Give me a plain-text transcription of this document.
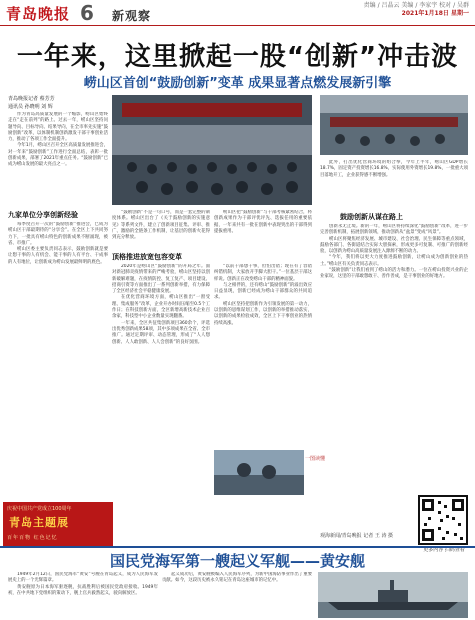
青岛晚报 6 新观察
责编 / 吕晶云 美编 / 李家宇 校对 / 吴群
2021年1月18日 星期一
一年来，这里掀起一股“创新”冲击波
崂山区首创“鼓励创新”变革 成果显著点燃发展新引擎
青岛晚报记者 蔡芳芳
通讯员 孙晓明 刘 辉

作为青岛高质量发展的一个缩影，崂山区始终走在“走在前列”的路上。过去一年，崂山区坚持问题导向、目标导向、结果导向，在全市率先实施“鼓励创新”改革，以体制机制创新激发干部干事创业活力，推动了各项工作全面提升。

今年1月，崂山区召开全区高质量发展推进会，对一年来“鼓励创新”工作进行全面总结，表彰一批创新成果，部署了2021年重点任务。“鼓励创新”已成为崂山发展的最大亮点之一。

九家单位分享创新经验

每季度召开一次的“鼓励创新”推进会，已成为崂山区干部最期待的“分享会”。在全区上下共同努力下，一批具有崂山特色的创新成果不断涌现，被省、市推广。

崂山区委主要负责同志表示，鼓励创新就是要让想干事的人有机会、能干事的人有平台、干成事的人有地位，让创新成为崂山发展最鲜明的底色。

“鼓励创新”不是一句口号，而是一套完整的制度体系。崂山区出台了《关于鼓励创新的实施意见》等系列文件，建立了创新项目征集、评审、推广、激励的全链条工作机制，让基层的创新火花得到充分释放。

崂山区把“鼓励创新”与干部考核紧密结合，将创新成果作为干部评优评先、选拔任用的重要依据，一年来共有一批在创新中表现突出的干部得到提拔重用。

顶格推进放宽包容变革

2020年是崂山区“鼓励创新”的开局之年。面对新冠肺炎疫情带来的严峻考验，崂山区坚持以创新破解难题，在疫情防控、复工复产、项目建设、招商引资等方面推出了一系列创新举措，有力保障了全区经济社会平稳健康发展。

在优化营商环境方面，崂山区推出“一窗受理、集成服务”改革，企业开办时间压缩至0.5个工作日；在科技创新方面，全区新增高新技术企业百余家，科技型中小企业数量实现翻番。

一年来，全区共征集创新项目360余个，评选出优秀创新成果58项，其中多项成果在全省、全市推广。通过定期评审、动态管理，形成了“人人想创新、人人敢创新、人人会创新”的良好氛围。

“以前干部想干事，但怕出错；现在有了容错纠错机制，大家放开手脚大胆干。”一位基层干部这样说。创新正在改变崂山干部的精神面貌。

与之相伴的，还有崂山“鼓励创新”的溢出效应日益显现，创新已经成为崂山干部群众的共同追求。

崂山区坚持把创新作为引领发展的第一动力，以创新的思维谋划工作，以创新的举措推动落实，以创新的成果检验成效，全区上下干事创业的热情持续高涨。

一图读懂

此外，打出优化营商环境的组合拳，今年上半年，崂山区GDP增长18.7%，固定资产投资增长16.8%，实际使用外资增长19.8%，一批重大项目落地开工，企业获得感不断增强。

鼓励创新从谋在路上

创新永无止境。新的一年，崂山区将持续深化“鼓励创新”改革，进一步完善创新机制，拓展创新领域，推动创新从“盆景”变成“风景”。

崂山区将聚焦经济发展、城市建设、社会治理、民生保障等重点领域，鼓励各部门、各街道结合实际大胆探索，形成更多可复制、可推广的创新经验，以创新为崂山高质量发展注入源源不断的动力。

“今年，我们将以更大力度推进鼓励创新，让崂山成为创新创业的热土。”崂山区有关负责同志表示。

“鼓励创新”让我们看到了崂山的活力和潜力。一位在崂山投资兴业的企业家说，这里的干部敢想敢干、善作善成，是干事创业的好地方。

更多内容 扫码查看
观海新闻/青岛晚报 记者 王 涛 摄
庆祝中国共产党成立100周年
青岛主题展
百年百物 红色记忆
国民党海军第一艘起义军舰——黄安舰

1949年2月12日，国民党海军“黄安”号舰在青岛起义，成为人民海军发展史上的一个光辉篇章。

黄安舰原为日本海军驱逐舰，抗战胜利后被国民党政府接收。1949年初，在中共地下党组织的策动下，舰上官兵毅然起义，驶向解放区。

起义成功后，黄安舰被编入人民海军序列，为新中国海防事业作出了重要贡献。如今，这段历史被永久铭记在青岛这座城市的记忆中。
